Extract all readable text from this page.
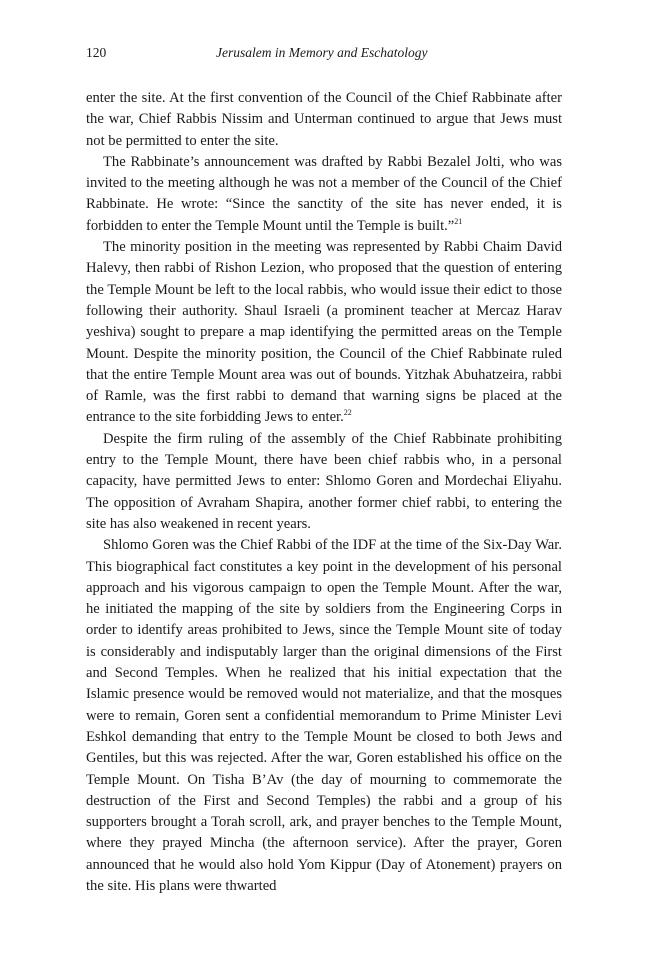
120	Jerusalem in Memory and Eschatology

enter the site. At the first convention of the Council of the Chief Rabbinate after the war, Chief Rabbis Nissim and Unterman continued to argue that Jews must not be permitted to enter the site.

The Rabbinate’s announcement was drafted by Rabbi Bezalel Jolti, who was invited to the meeting although he was not a member of the Council of the Chief Rabbinate. He wrote: “Since the sanctity of the site has never ended, it is forbidden to enter the Temple Mount until the Temple is built.”$^{21}$

The minority position in the meeting was represented by Rabbi Chaim David Halevy, then rabbi of Rishon Lezion, who proposed that the question of entering the Temple Mount be left to the local rabbis, who would issue their edict to those following their authority. Shaul Israeli (a prominent teacher at Mercaz Harav yeshiva) sought to prepare a map identifying the permitted areas on the Temple Mount. Despite the minority position, the Council of the Chief Rabbinate ruled that the entire Temple Mount area was out of bounds. Yitzhak Abuhatzeira, rabbi of Ramle, was the first rabbi to demand that warning signs be placed at the entrance to the site forbidding Jews to enter.$^{22}$

Despite the firm ruling of the assembly of the Chief Rabbinate prohibiting entry to the Temple Mount, there have been chief rabbis who, in a personal capacity, have permitted Jews to enter: Shlomo Goren and Mordechai Eliyahu. The opposition of Avraham Shapira, another former chief rabbi, to entering the site has also weakened in recent years.

Shlomo Goren was the Chief Rabbi of the IDF at the time of the Six-Day War. This biographical fact constitutes a key point in the development of his personal approach and his vigorous campaign to open the Temple Mount. After the war, he initiated the mapping of the site by soldiers from the Engineering Corps in order to identify areas prohibited to Jews, since the Temple Mount site of today is considerably and indisputably larger than the original dimensions of the First and Second Temples. When he realized that his initial expectation that the Islamic presence would be removed would not materialize, and that the mosques were to remain, Goren sent a confidential memorandum to Prime Minister Levi Eshkol demanding that entry to the Temple Mount be closed to both Jews and Gentiles, but this was rejected. After the war, Goren established his office on the Temple Mount. On Tisha B’Av (the day of mourning to commemorate the destruction of the First and Second Temples) the rabbi and a group of his supporters brought a Torah scroll, ark, and prayer benches to the Temple Mount, where they prayed Mincha (the afternoon service). After the prayer, Goren announced that he would also hold Yom Kippur (Day of Atonement) prayers on the site. His plans were thwarted
